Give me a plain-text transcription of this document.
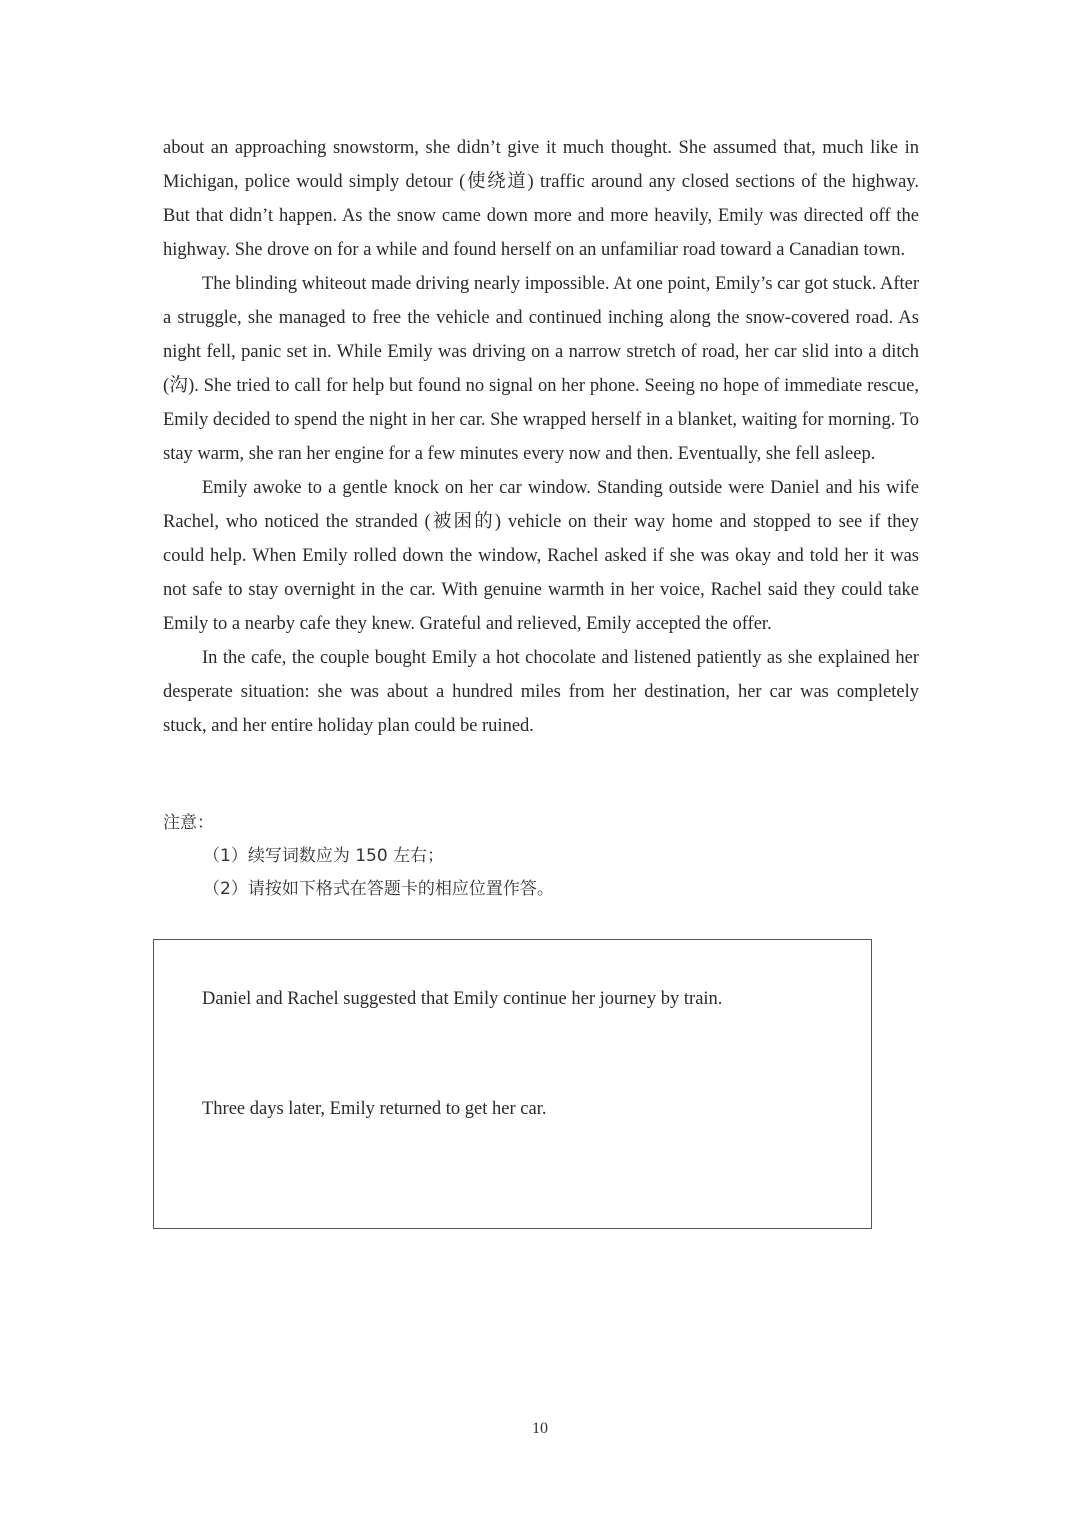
about an approaching snowstorm, she didn’t give it much thought. She assumed that, much like in Michigan, police would simply detour (使绕道) traffic around any closed sections of the highway. But that didn’t happen. As the snow came down more and more heavily, Emily was directed off the highway. She drove on for a while and found herself on an unfamiliar road toward a Canadian town.

The blinding whiteout made driving nearly impossible. At one point, Emily’s car got stuck. After a struggle, she managed to free the vehicle and continued inching along the snow-covered road. As night fell, panic set in. While Emily was driving on a narrow stretch of road, her car slid into a ditch (沟). She tried to call for help but found no signal on her phone. Seeing no hope of immediate rescue, Emily decided to spend the night in her car. She wrapped herself in a blanket, waiting for morning. To stay warm, she ran her engine for a few minutes every now and then. Eventually, she fell asleep.

Emily awoke to a gentle knock on her car window. Standing outside were Daniel and his wife Rachel, who noticed the stranded (被困的) vehicle on their way home and stopped to see if they could help. When Emily rolled down the window, Rachel asked if she was okay and told her it was not safe to stay overnight in the car. With genuine warmth in her voice, Rachel said they could take Emily to a nearby cafe they knew. Grateful and relieved, Emily accepted the offer.

In the cafe, the couple bought Emily a hot chocolate and listened patiently as she explained her desperate situation: she was about a hundred miles from her destination, her car was completely stuck, and her entire holiday plan could be ruined.

注意：
（1）续写词数应为 150 左右；
（2）请按如下格式在答题卡的相应位置作答。
Daniel and Rachel suggested that Emily continue her journey by train.
Three days later, Emily returned to get her car.
10
